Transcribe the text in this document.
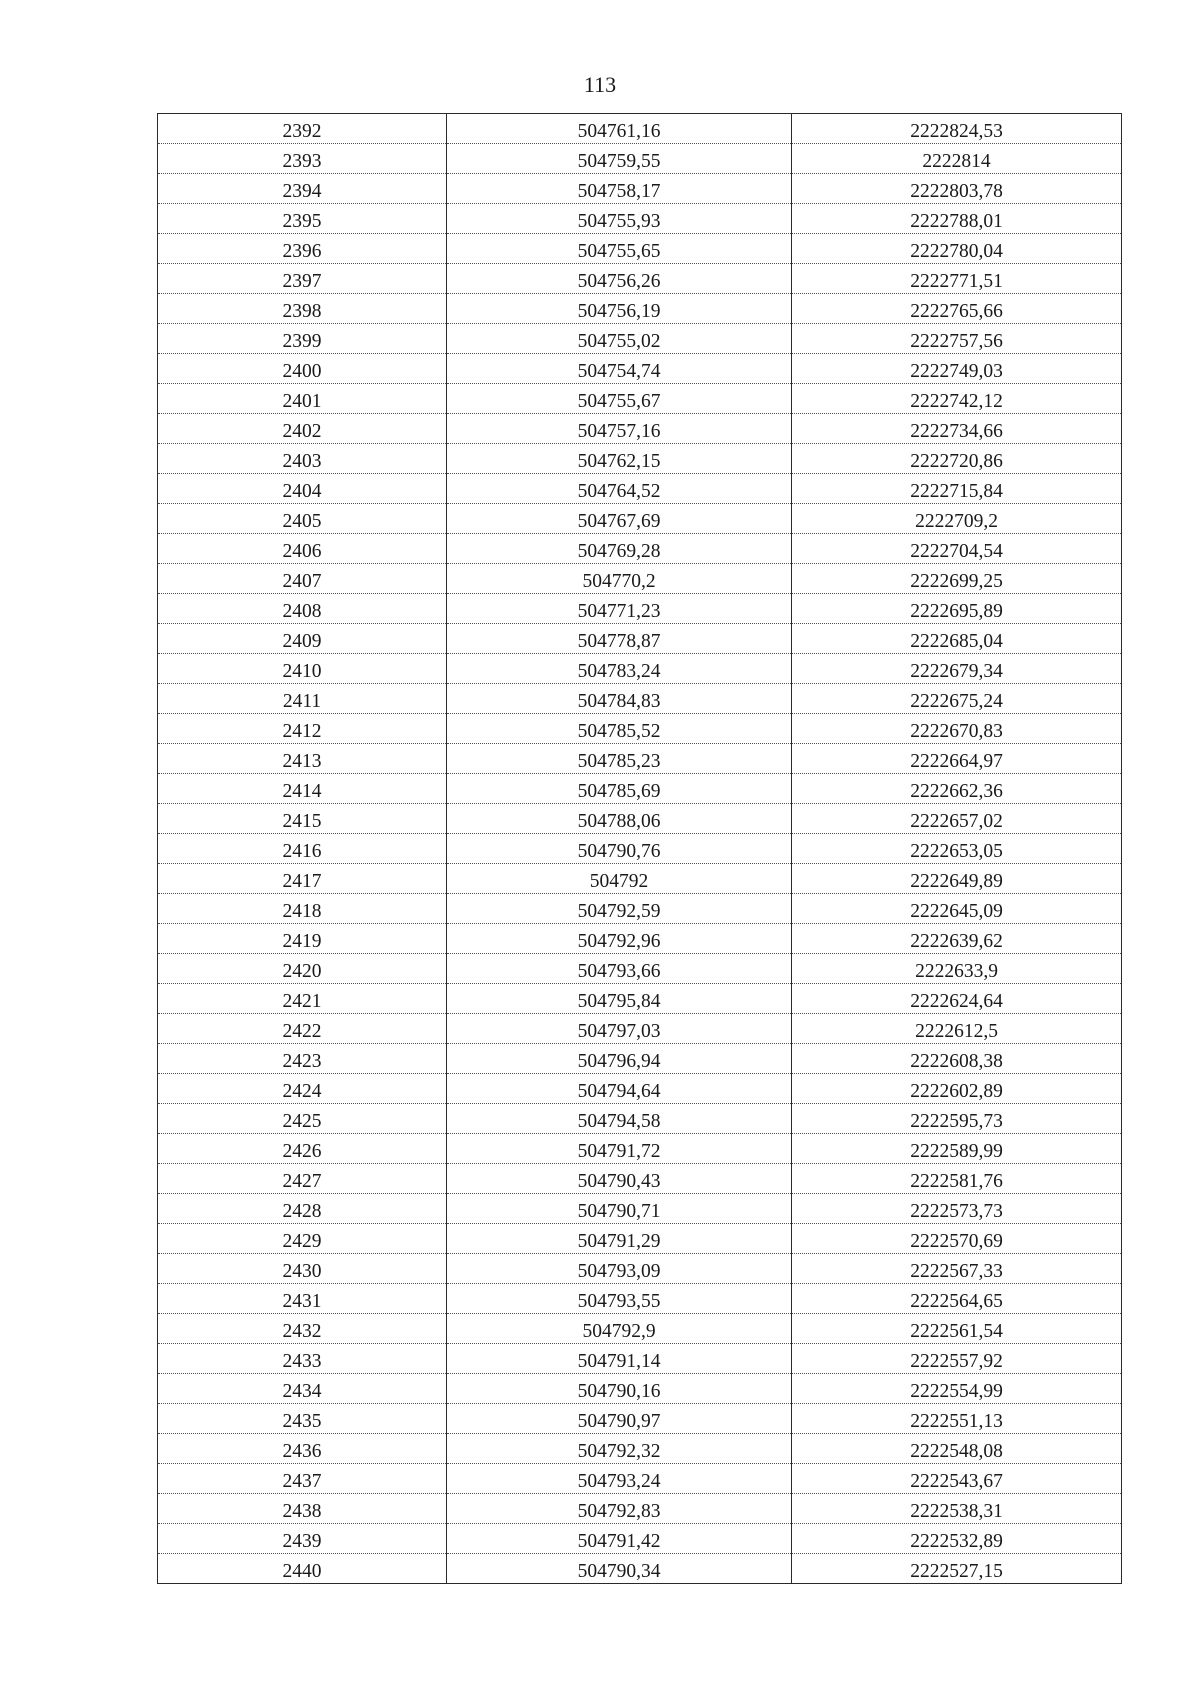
113
2392	504761,16	2222824,53
2393	504759,55	2222814
2394	504758,17	2222803,78
2395	504755,93	2222788,01
2396	504755,65	2222780,04
2397	504756,26	2222771,51
2398	504756,19	2222765,66
2399	504755,02	2222757,56
2400	504754,74	2222749,03
2401	504755,67	2222742,12
2402	504757,16	2222734,66
2403	504762,15	2222720,86
2404	504764,52	2222715,84
2405	504767,69	2222709,2
2406	504769,28	2222704,54
2407	504770,2	2222699,25
2408	504771,23	2222695,89
2409	504778,87	2222685,04
2410	504783,24	2222679,34
2411	504784,83	2222675,24
2412	504785,52	2222670,83
2413	504785,23	2222664,97
2414	504785,69	2222662,36
2415	504788,06	2222657,02
2416	504790,76	2222653,05
2417	504792	2222649,89
2418	504792,59	2222645,09
2419	504792,96	2222639,62
2420	504793,66	2222633,9
2421	504795,84	2222624,64
2422	504797,03	2222612,5
2423	504796,94	2222608,38
2424	504794,64	2222602,89
2425	504794,58	2222595,73
2426	504791,72	2222589,99
2427	504790,43	2222581,76
2428	504790,71	2222573,73
2429	504791,29	2222570,69
2430	504793,09	2222567,33
2431	504793,55	2222564,65
2432	504792,9	2222561,54
2433	504791,14	2222557,92
2434	504790,16	2222554,99
2435	504790,97	2222551,13
2436	504792,32	2222548,08
2437	504793,24	2222543,67
2438	504792,83	2222538,31
2439	504791,42	2222532,89
2440	504790,34	2222527,15
